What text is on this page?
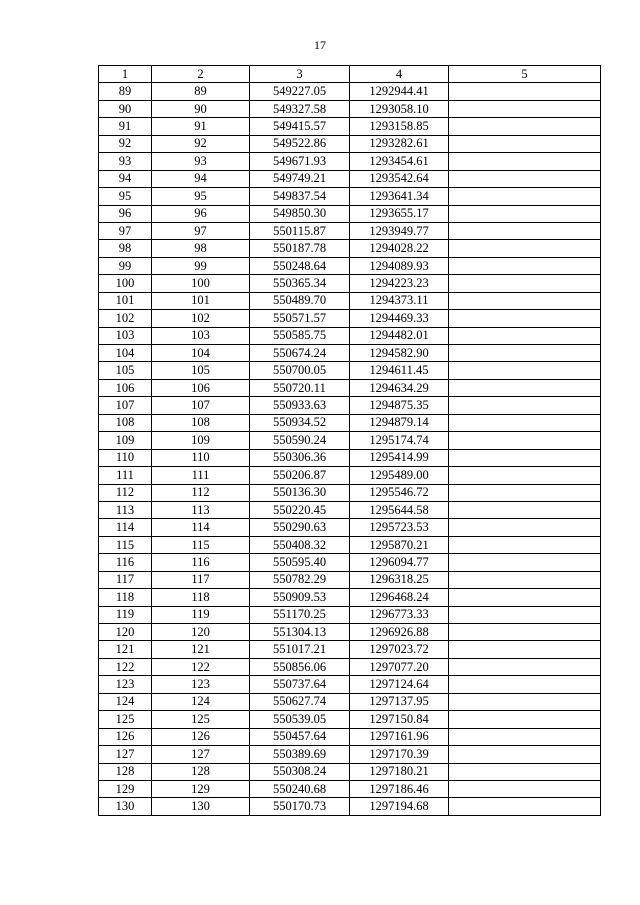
17
1	2	3	4	5
89	89	549227.05	1292944.41	
90	90	549327.58	1293058.10	
91	91	549415.57	1293158.85	
92	92	549522.86	1293282.61	
93	93	549671.93	1293454.61	
94	94	549749.21	1293542.64	
95	95	549837.54	1293641.34	
96	96	549850.30	1293655.17	
97	97	550115.87	1293949.77	
98	98	550187.78	1294028.22	
99	99	550248.64	1294089.93	
100	100	550365.34	1294223.23	
101	101	550489.70	1294373.11	
102	102	550571.57	1294469.33	
103	103	550585.75	1294482.01	
104	104	550674.24	1294582.90	
105	105	550700.05	1294611.45	
106	106	550720.11	1294634.29	
107	107	550933.63	1294875.35	
108	108	550934.52	1294879.14	
109	109	550590.24	1295174.74	
110	110	550306.36	1295414.99	
111	111	550206.87	1295489.00	
112	112	550136.30	1295546.72	
113	113	550220.45	1295644.58	
114	114	550290.63	1295723.53	
115	115	550408.32	1295870.21	
116	116	550595.40	1296094.77	
117	117	550782.29	1296318.25	
118	118	550909.53	1296468.24	
119	119	551170.25	1296773.33	
120	120	551304.13	1296926.88	
121	121	551017.21	1297023.72	
122	122	550856.06	1297077.20	
123	123	550737.64	1297124.64	
124	124	550627.74	1297137.95	
125	125	550539.05	1297150.84	
126	126	550457.64	1297161.96	
127	127	550389.69	1297170.39	
128	128	550308.24	1297180.21	
129	129	550240.68	1297186.46	
130	130	550170.73	1297194.68	
